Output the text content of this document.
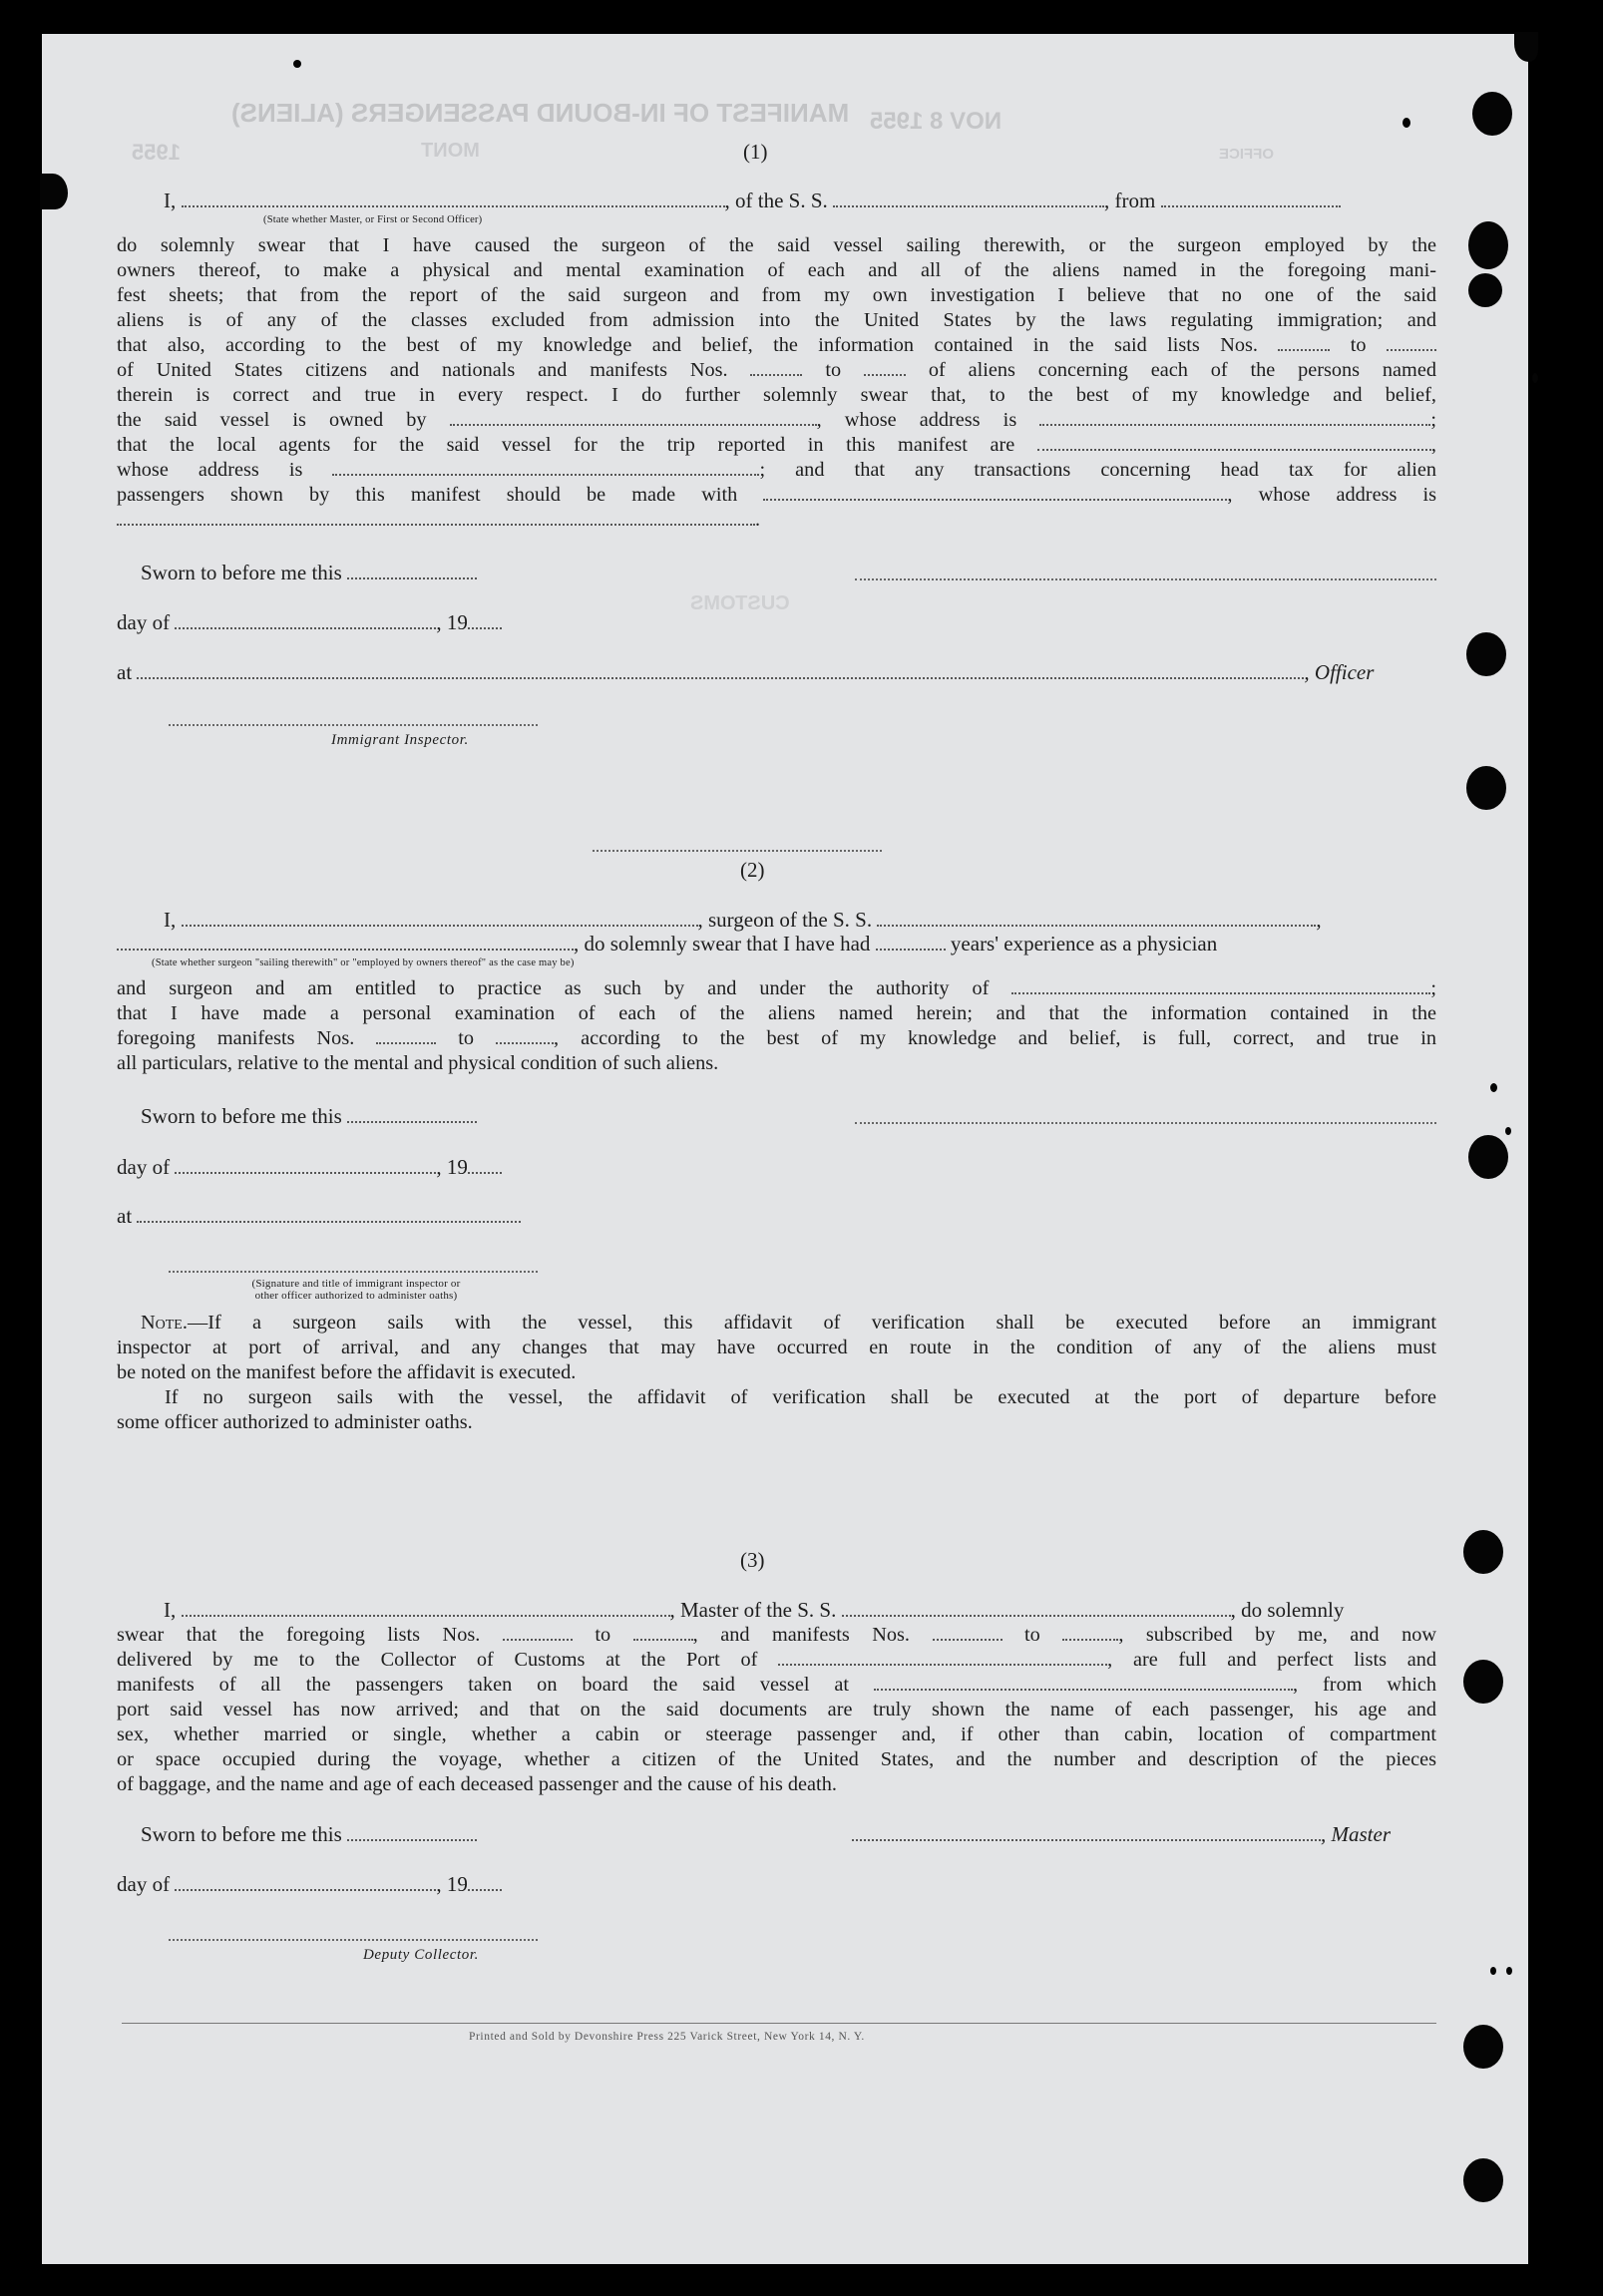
MANIFEST OF IN-BOUND PASSENGERS (ALIENS) NOV 8 1955
1955	MONT	OFFICE
CUSTOMS
(1)
I,	, of the S. S.	, from
(State whether Master, or First or Second Officer)
do solemnly swear that I have caused the surgeon of the said vessel sailing therewith, or the surgeon employed by the
owners thereof, to make a physical and mental examination of each and all of the aliens named in the foregoing mani-
fest sheets; that from the report of the said surgeon and from my own investigation I believe that no one of the said
aliens is of any of the classes excluded from admission into the United States by the laws regulating immigration; and
that also, according to the best of my knowledge and belief, the information contained in the said lists Nos.	to
of United States citizens and nationals and manifests Nos.	to	of aliens concerning each of the persons named
therein is correct and true in every respect. I do further solemnly swear that, to the best of my knowledge and belief,
the said vessel is owned by	, whose address is	;
that the local agents for the said vessel for the trip reported in this manifest are	,
whose address is	; and that any transactions concerning head tax for alien
passengers shown by this manifest should be made with	, whose address is
.
Sworn to before me this
day of	, 19
at	, Officer
Immigrant Inspector.
(2)
I,	, surgeon of the S. S.	,
, do solemnly swear that I have had	years' experience as a physician
(State whether surgeon "sailing therewith" or "employed by owners thereof" as the case may be)
and surgeon and am entitled to practice as such by and under the authority of	;
that I have made a personal examination of each of the aliens named herein; and that the information contained in the
foregoing manifests Nos.	to	, according to the best of my knowledge and belief, is full, correct, and true in
all particulars, relative to the mental and physical condition of such aliens.
Sworn to before me this
day of	, 19
at
(Signature and title of immigrant inspector or
other officer authorized to administer oaths)
Note.—If a surgeon sails with the vessel, this affidavit of verification shall be executed before an immigrant
inspector at port of arrival, and any changes that may have occurred en route in the condition of any of the aliens must
be noted on the manifest before the affidavit is executed.
If no surgeon sails with the vessel, the affidavit of verification shall be executed at the port of departure before
some officer authorized to administer oaths.
(3)
I,	, Master of the S. S.	, do solemnly
swear that the foregoing lists Nos.	to	, and manifests Nos.	to	, subscribed by me, and now
delivered by me to the Collector of Customs at the Port of	, are full and perfect lists and
manifests of all the passengers taken on board the said vessel at	, from which
port said vessel has now arrived; and that on the said documents are truly shown the name of each passenger, his age and
sex, whether married or single, whether a cabin or steerage passenger and, if other than cabin, location of compartment
or space occupied during the voyage, whether a citizen of the United States, and the number and description of the pieces
of baggage, and the name and age of each deceased passenger and the cause of his death.
Sworn to before me this	, Master
day of	, 19
Deputy Collector.
Printed and Sold by Devonshire Press 225 Varick Street, New York 14, N. Y.
